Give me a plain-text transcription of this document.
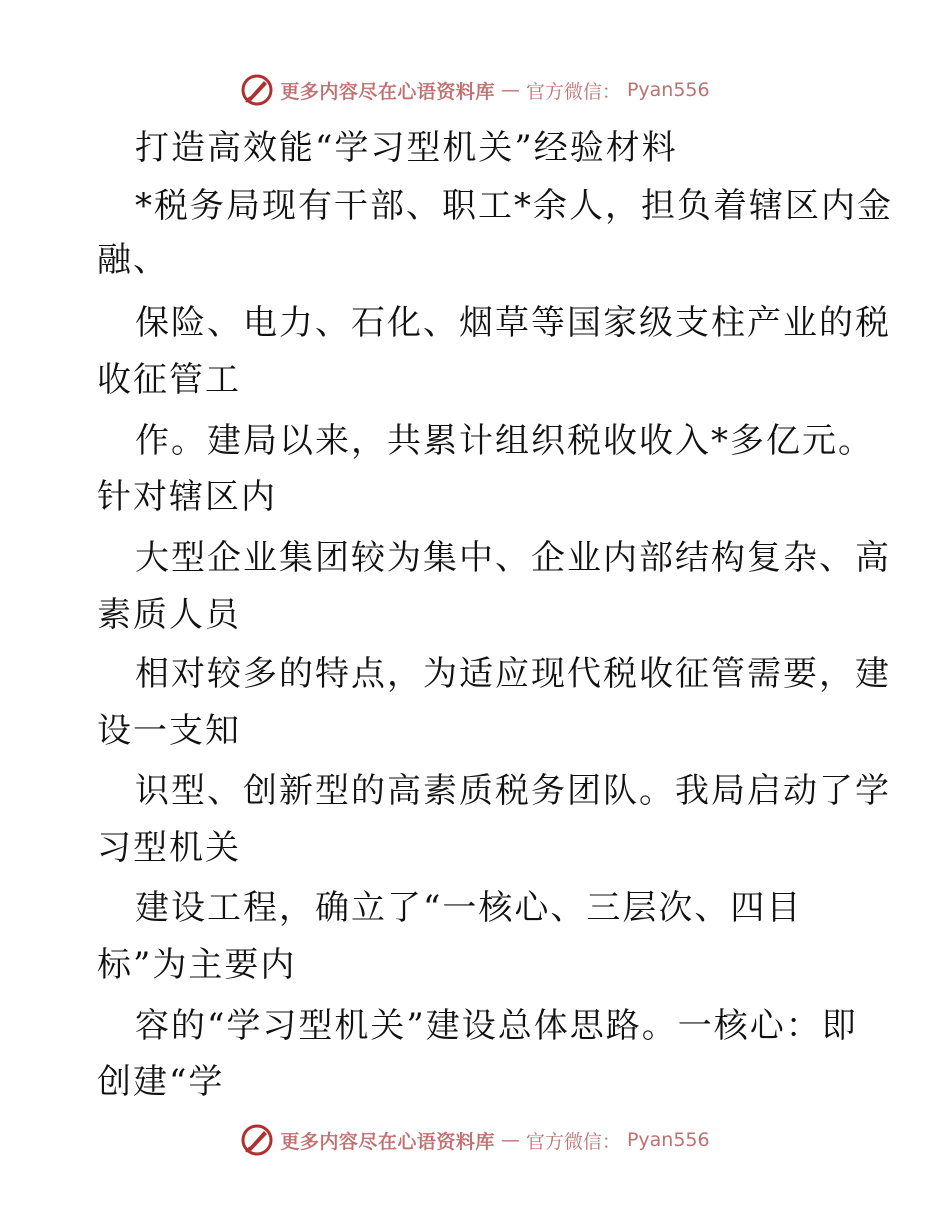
更多内容尽在心语资料库 — 官方微信： Pyan556
打造高效能“学习型机关”经验材料
*税务局现有干部、职工*余人，担负着辖区内金
融、
保险、电力、石化、烟草等国家级支柱产业的税
收征管工
作。建局以来，共累计组织税收收入*多亿元。
针对辖区内
大型企业集团较为集中、企业内部结构复杂、高
素质人员
相对较多的特点，为适应现代税收征管需要，建
设一支知
识型、创新型的高素质税务团队。我局启动了学
习型机关
建设工程，确立了“一核心、三层次、四目
标”为主要内
容的“学习型机关”建设总体思路。一核心：即
创建“学
更多内容尽在心语资料库 — 官方微信： Pyan556
